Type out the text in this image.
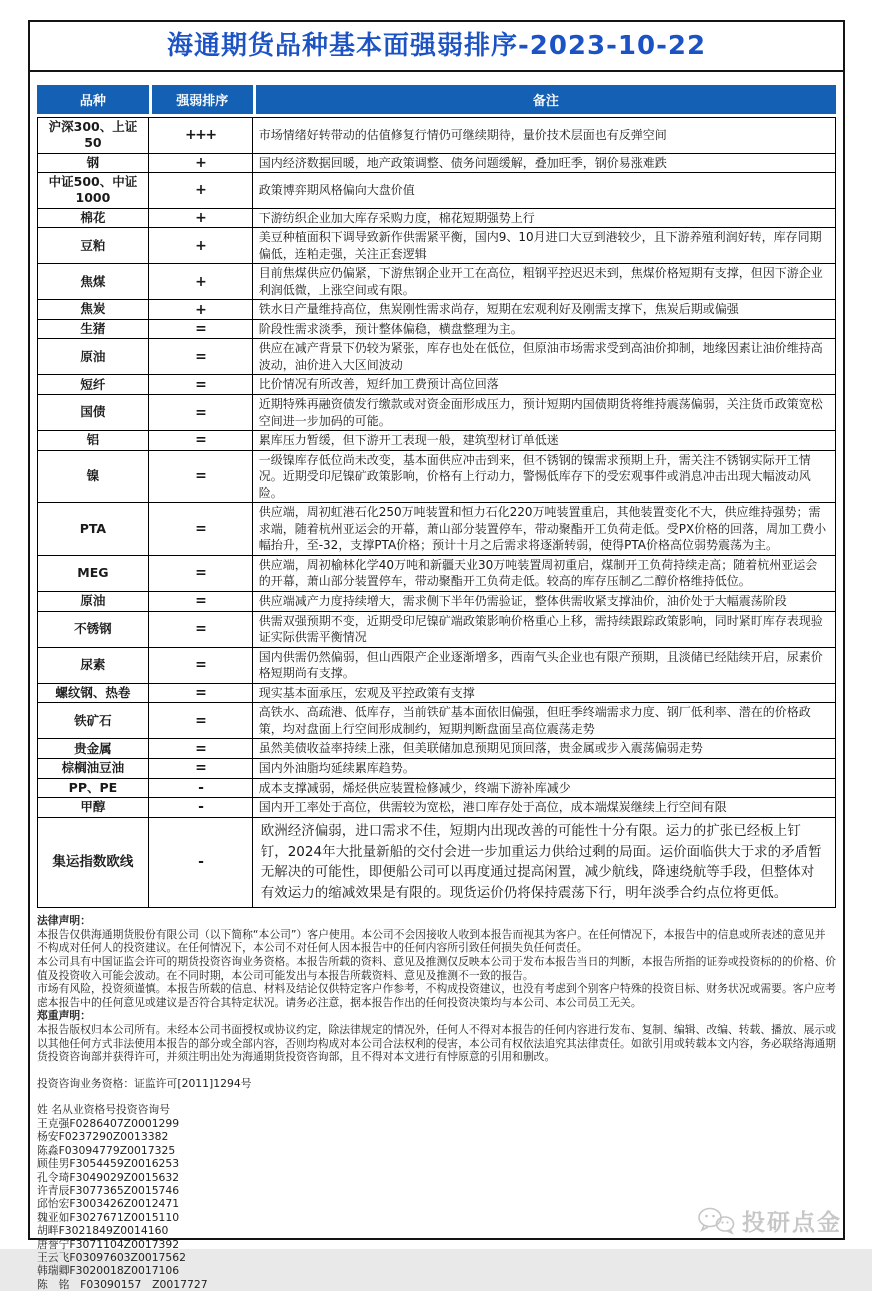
海通期货品种基本面强弱排序-2023-10-22
品种	强弱排序	备注
沪深300、上证50	+++	市场情绪好转带动的估值修复行情仍可继续期待，量价技术层面也有反弹空间
钢	+	国内经济数据回暖，地产政策调整、债务问题缓解，叠加旺季，钢价易涨难跌
中证500、中证1000	+	政策博弈期风格偏向大盘价值
棉花	+	下游纺织企业加大库存采购力度，棉花短期强势上行
豆粕	+	美豆种植面积下调导致新作供需紧平衡，国内9、10月进口大豆到港较少，且下游养殖利润好转，库存同期偏低，连粕走强，关注正套逻辑
焦煤	+	目前焦煤供应仍偏紧，下游焦钢企业开工在高位，粗钢平控迟迟未到，焦煤价格短期有支撑，但因下游企业利润低微，上涨空间或有限。
焦炭	+	铁水日产量维持高位，焦炭刚性需求尚存，短期在宏观利好及刚需支撑下，焦炭后期或偏强
生猪	=	阶段性需求淡季，预计整体偏稳，横盘整理为主。
原油	=	供应在减产背景下仍较为紧张，库存也处在低位，但原油市场需求受到高油价抑制，地缘因素让油价维持高波动，油价进入大区间波动
短纤	=	比价情况有所改善，短纤加工费预计高位回落
国债	=	近期特殊再融资债发行缴款或对资金面形成压力，预计短期内国债期货将维持震荡偏弱，关注货币政策宽松空间进一步加码的可能。
铝	=	累库压力暂缓，但下游开工表现一般，建筑型材订单低迷
镍	=	一级镍库存低位尚未改变，基本面供应冲击到来，但不锈钢的镍需求预期上升，需关注不锈钢实际开工情况。近期受印尼镍矿政策影响，价格有上行动力，警惕低库存下的受宏观事件或消息冲击出现大幅波动风险。
PTA	=	供应端，周初虹港石化250万吨装置和恒力石化220万吨装置重启，其他装置变化不大，供应维持强势；需求端，随着杭州亚运会的开幕，萧山部分装置停车，带动聚酯开工负荷走低。受PX价格的回落，周加工费小幅抬升，至-32，支撑PTA价格；预计十月之后需求将逐渐转弱，使得PTA价格高位弱势震荡为主。
MEG	=	供应端，周初榆林化学40万吨和新疆天业30万吨装置周初重启，煤制开工负荷持续走高；随着杭州亚运会的开幕，萧山部分装置停车，带动聚酯开工负荷走低。较高的库存压制乙二醇价格维持低位。
原油	=	供应端减产力度持续增大，需求侧下半年仍需验证，整体供需收紧支撑油价，油价处于大幅震荡阶段
不锈钢	=	供需双强预期不变，近期受印尼镍矿端政策影响价格重心上移，需持续跟踪政策影响，同时紧盯库存表现验证实际供需平衡情况
尿素	=	国内供需仍然偏弱，但山西限产企业逐渐增多，西南气头企业也有限产预期，且淡储已经陆续开启，尿素价格短期尚有支撑。
螺纹钢、热卷	=	现实基本面承压，宏观及平控政策有支撑
铁矿石	=	高铁水、高疏港、低库存，当前铁矿基本面依旧偏强，但旺季终端需求力度、钢厂低利率、潜在的价格政策，均对盘面上行空间形成制约，短期判断盘面呈高位震荡走势
贵金属	=	虽然美债收益率持续上涨，但美联储加息预期见顶回落，贵金属或步入震荡偏弱走势
棕榈油豆油	=	国内外油脂均延续累库趋势。
PP、PE	-	成本支撑减弱，烯烃供应装置检修减少，终端下游补库减少
甲醇	-	国内开工率处于高位，供需较为宽松，港口库存处于高位，成本端煤炭继续上行空间有限
集运指数欧线	-	欧洲经济偏弱，进口需求不佳，短期内出现改善的可能性十分有限。运力的扩张已经板上钉钉，2024年大批量新船的交付会进一步加重运力供给过剩的局面。运价面临供大于求的矛盾暂无解决的可能性，即便船公司可以再度通过提高闲置，减少航线，降速绕航等手段，但整体对有效运力的缩减效果是有限的。现货运价仍将保持震荡下行，明年淡季合约点位将更低。

法律声明：

本报告仅供海通期货股份有限公司（以下简称“本公司”）客户使用。本公司不会因接收人收到本报告而视其为客户。在任何情况下，本报告中的信息或所表述的意见并不构成对任何人的投资建议。在任何情况下，本公司不对任何人因本报告中的任何内容所引致任何损失负任何责任。

本公司具有中国证监会许可的期货投资咨询业务资格。本报告所载的资料、意见及推测仅反映本公司于发布本报告当日的判断，本报告所指的证券或投资标的的价格、价值及投资收入可能会波动。在不同时期，本公司可能发出与本报告所载资料、意见及推测不一致的报告。

市场有风险，投资须谨慎。本报告所载的信息、材料及结论仅供特定客户作参考，不构成投资建议，也没有考虑到个别客户特殊的投资目标、财务状况或需要。客户应考虑本报告中的任何意见或建议是否符合其特定状况。请务必注意，据本报告作出的任何投资决策均与本公司、本公司员工无关。

郑重声明：

本报告版权归本公司所有。未经本公司书面授权或协议约定，除法律规定的情况外，任何人不得对本报告的任何内容进行发布、复制、编辑、改编、转载、播放、展示或以其他任何方式非法使用本报告的部分或全部内容，否则均构成对本公司合法权利的侵害，本公司有权依法追究其法律责任。如欲引用或转载本文内容，务必联络海通期货投资咨询部并获得许可，并须注明出处为海通期货投资咨询部，且不得对本文进行有悖原意的引用和删改。

投资咨询业务资格：证监许可[2011]1294号

姓 名从业资格号投资咨询号

王克强F0286407Z0001299
杨安F0237290Z0013382
陈淼F03094779Z0017325
顾佳男F3054459Z0016253
孔令琦F3049029Z0015632
许青辰F3077365Z0015746
邱怡宏F3003426Z0012471
魏亚如F3027671Z0015110
胡畔F3021849Z0014160
唐誉宁F3071104Z0017392
王云飞F03097603Z0017562
韩瑞卿F3020018Z0017106
陈　铭　F03090157　Z0017727
投研点金
